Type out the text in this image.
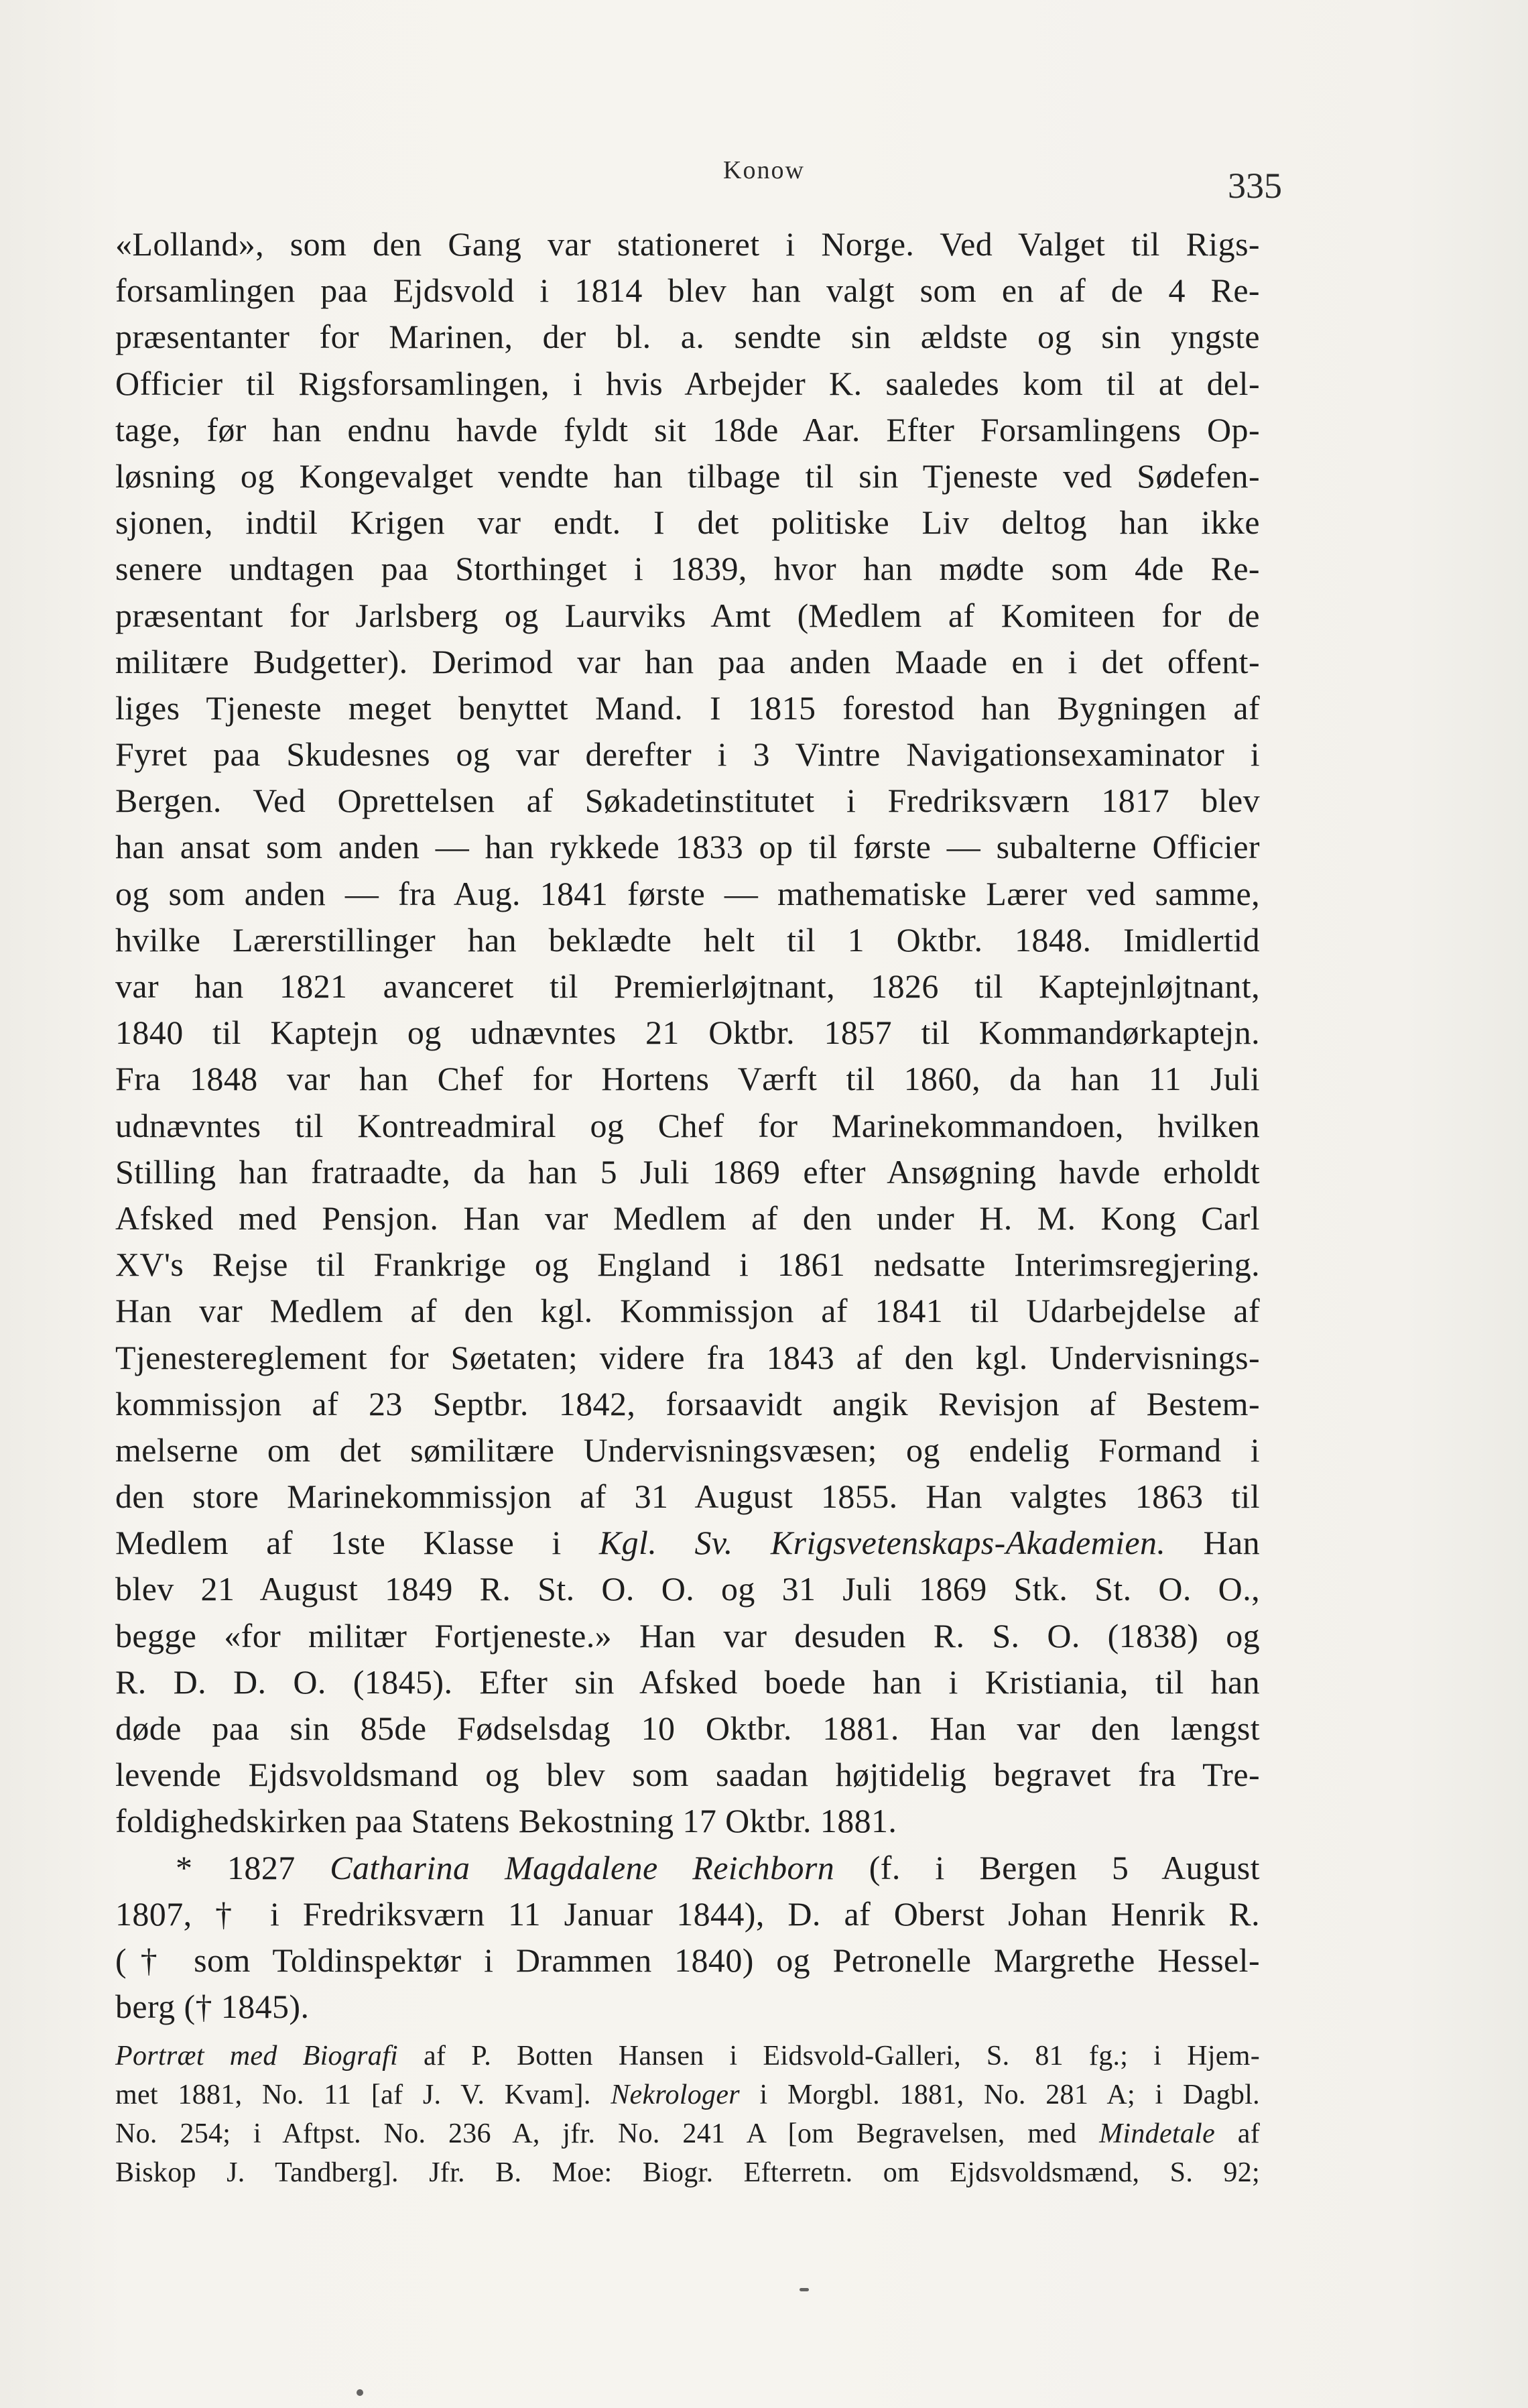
Konow	335
«Lolland», som den Gang var stationeret i Norge. Ved Valget til Rigs-
forsamlingen paa Ejdsvold i 1814 blev han valgt som en af de 4 Re-
præsentanter for Marinen, der bl. a. sendte sin ældste og sin yngste
Officier til Rigsforsamlingen, i hvis Arbejder K. saaledes kom til at del-
tage, før han endnu havde fyldt sit 18de Aar. Efter Forsamlingens Op-
løsning og Kongevalget vendte han tilbage til sin Tjeneste ved Sødefen-
sjonen, indtil Krigen var endt. I det politiske Liv deltog han ikke
senere undtagen paa Storthinget i 1839, hvor han mødte som 4de Re-
præsentant for Jarlsberg og Laurviks Amt (Medlem af Komiteen for de
militære Budgetter). Derimod var han paa anden Maade en i det offent-
liges Tjeneste meget benyttet Mand. I 1815 forestod han Bygningen af
Fyret paa Skudesnes og var derefter i 3 Vintre Navigationsexaminator i
Bergen. Ved Oprettelsen af Søkadetinstitutet i Fredriksværn 1817 blev
han ansat som anden — han rykkede 1833 op til første — subalterne Officier
og som anden — fra Aug. 1841 første — mathematiske Lærer ved samme,
hvilke Lærerstillinger han beklædte helt til 1 Oktbr. 1848. Imidlertid
var han 1821 avanceret til Premierløjtnant, 1826 til Kaptejnløjtnant,
1840 til Kaptejn og udnævntes 21 Oktbr. 1857 til Kommandørkaptejn.
Fra 1848 var han Chef for Hortens Værft til 1860, da han 11 Juli
udnævntes til Kontreadmiral og Chef for Marinekommandoen, hvilken
Stilling han fratraadte, da han 5 Juli 1869 efter Ansøgning havde erholdt
Afsked med Pensjon. Han var Medlem af den under H. M. Kong Carl
XV's Rejse til Frankrige og England i 1861 nedsatte Interimsregjering.
Han var Medlem af den kgl. Kommissjon af 1841 til Udarbejdelse af
Tjenestereglement for Søetaten; videre fra 1843 af den kgl. Undervisnings-
kommissjon af 23 Septbr. 1842, forsaavidt angik Revisjon af Bestem-
melserne om det sømilitære Undervisningsvæsen; og endelig Formand i
den store Marinekommissjon af 31 August 1855. Han valgtes 1863 til
Medlem af 1ste Klasse i Kgl. Sv. Krigsvetenskaps-Akademien. Han
blev 21 August 1849 R. St. O. O. og 31 Juli 1869 Stk. St. O. O.,
begge «for militær Fortjeneste.» Han var desuden R. S. O. (1838) og
R. D. D. O. (1845). Efter sin Afsked boede han i Kristiania, til han
døde paa sin 85de Fødselsdag 10 Oktbr. 1881. Han var den længst
levende Ejdsvoldsmand og blev som saadan højtidelig begravet fra Tre-
foldighedskirken paa Statens Bekostning 17 Oktbr. 1881.
* 1827 Catharina Magdalene Reichborn (f. i Bergen 5 August
1807, † i Fredriksværn 11 Januar 1844), D. af Oberst Johan Henrik R.
(† som Toldinspektør i Drammen 1840) og Petronelle Margrethe Hessel-
berg († 1845).
Portræt med Biografi af P. Botten Hansen i Eidsvold-Galleri, S. 81 fg.; i Hjem-
met 1881, No. 11 [af J. V. Kvam]. Nekrologer i Morgbl. 1881, No. 281 A; i Dagbl.
No. 254; i Aftpst. No. 236 A, jfr. No. 241 A [om Begravelsen, med Mindetale af
Biskop J. Tandberg]. Jfr. B. Moe: Biogr. Efterretn. om Ejdsvoldsmænd, S. 92;
